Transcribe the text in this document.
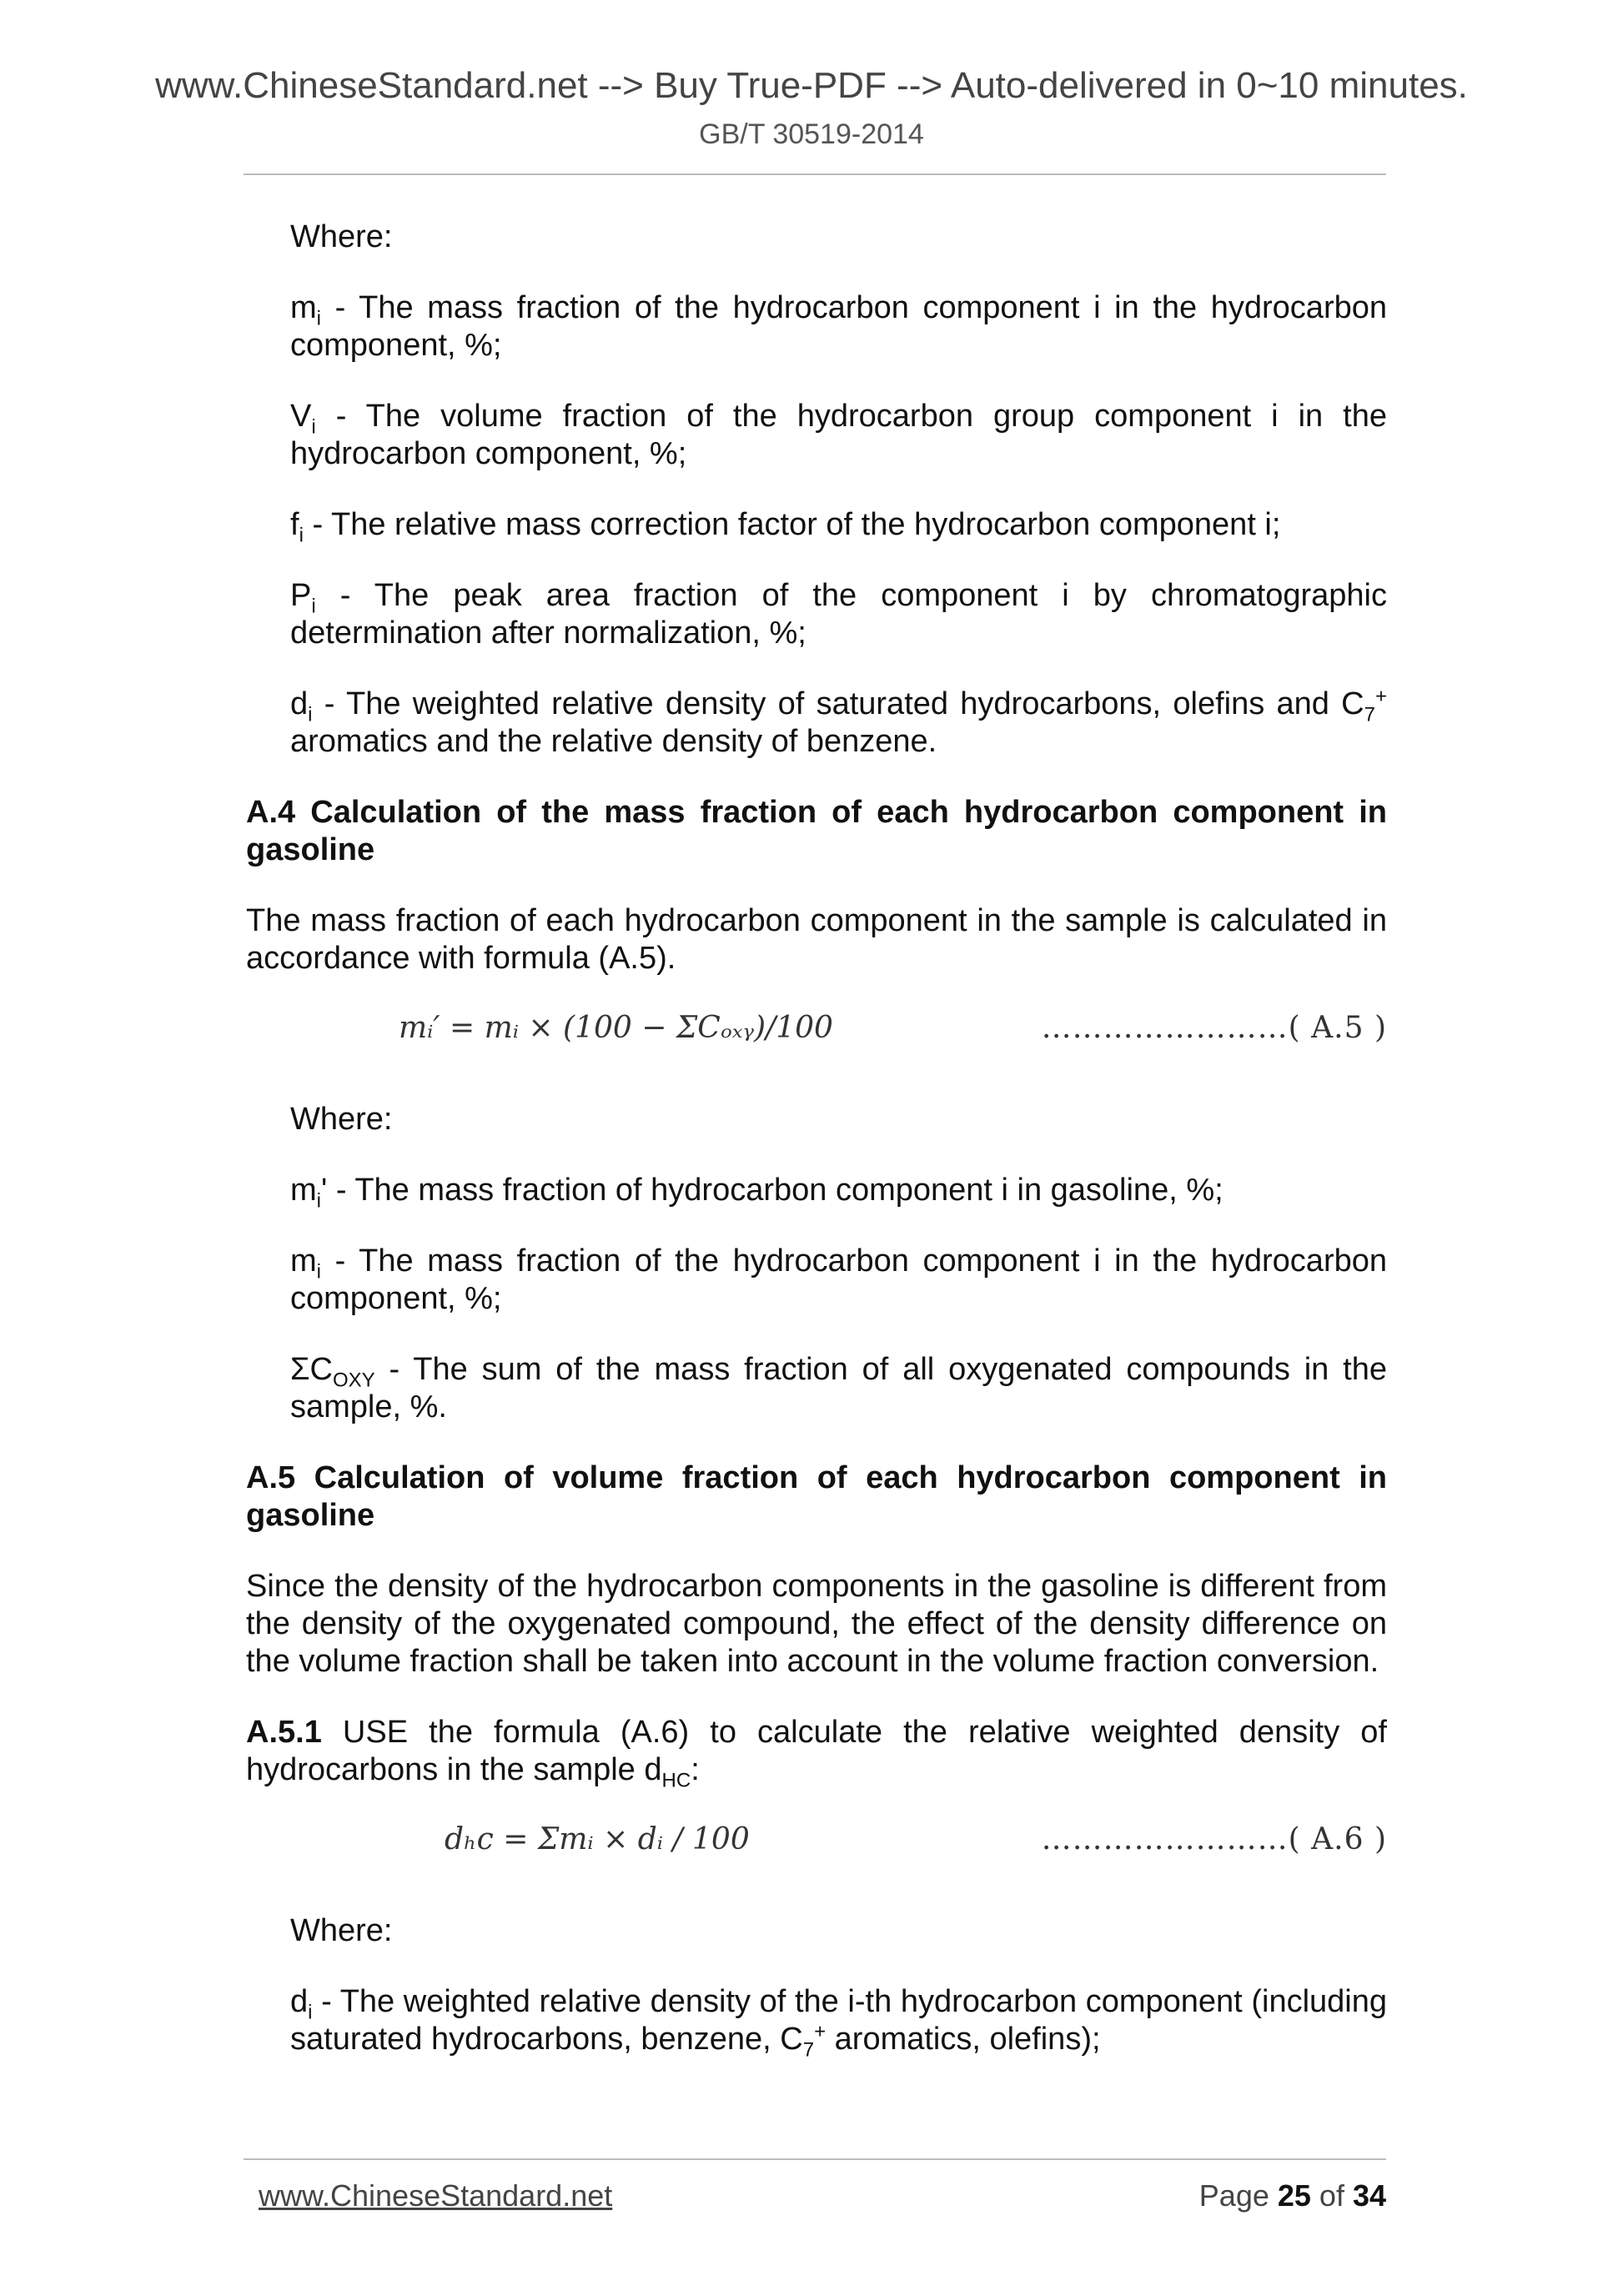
www.ChineseStandard.net --> Buy True-PDF --> Auto-delivered in 0~10 minutes.
GB/T 30519-2014

Where:

$m_i$ - The mass fraction of the hydrocarbon component i in the hydrocarbon component, %;

$V_i$ - The volume fraction of the hydrocarbon group component i in the hydrocarbon component, %;

$f_i$ - The relative mass correction factor of the hydrocarbon component i;

$P_i$ - The peak area fraction of the component i by chromatographic determination after normalization, %;

$d_i$ - The weighted relative density of saturated hydrocarbons, olefins and $C_7^+$ aromatics and the relative density of benzene.

A.4 Calculation of the mass fraction of each hydrocarbon component in gasoline

The mass fraction of each hydrocarbon component in the sample is calculated in accordance with formula (A.5).

mᵢ′ = mᵢ × (100 − ΣCₒₓᵧ)/100	……………………( A.5 )

Where:

$m_i'$ - The mass fraction of hydrocarbon component i in gasoline, %;

$m_i$ - The mass fraction of the hydrocarbon component i in the hydrocarbon component, %;

$\Sigma C_{OXY}$ - The sum of the mass fraction of all oxygenated compounds in the sample, %.

A.5 Calculation of volume fraction of each hydrocarbon component in gasoline

Since the density of the hydrocarbon components in the gasoline is different from the density of the oxygenated compound, the effect of the density difference on the volume fraction shall be taken into account in the volume fraction conversion.

A.5.1 USE the formula (A.6) to calculate the relative weighted density of hydrocarbons in the sample $d_{HC}$:

dₕc = Σmᵢ × dᵢ / 100	……………………( A.6 )

Where:

$d_i$ - The weighted relative density of the i-th hydrocarbon component (including saturated hydrocarbons, benzene, $C_7^+$ aromatics, olefins);

www.ChineseStandard.net	Page 25 of 34
